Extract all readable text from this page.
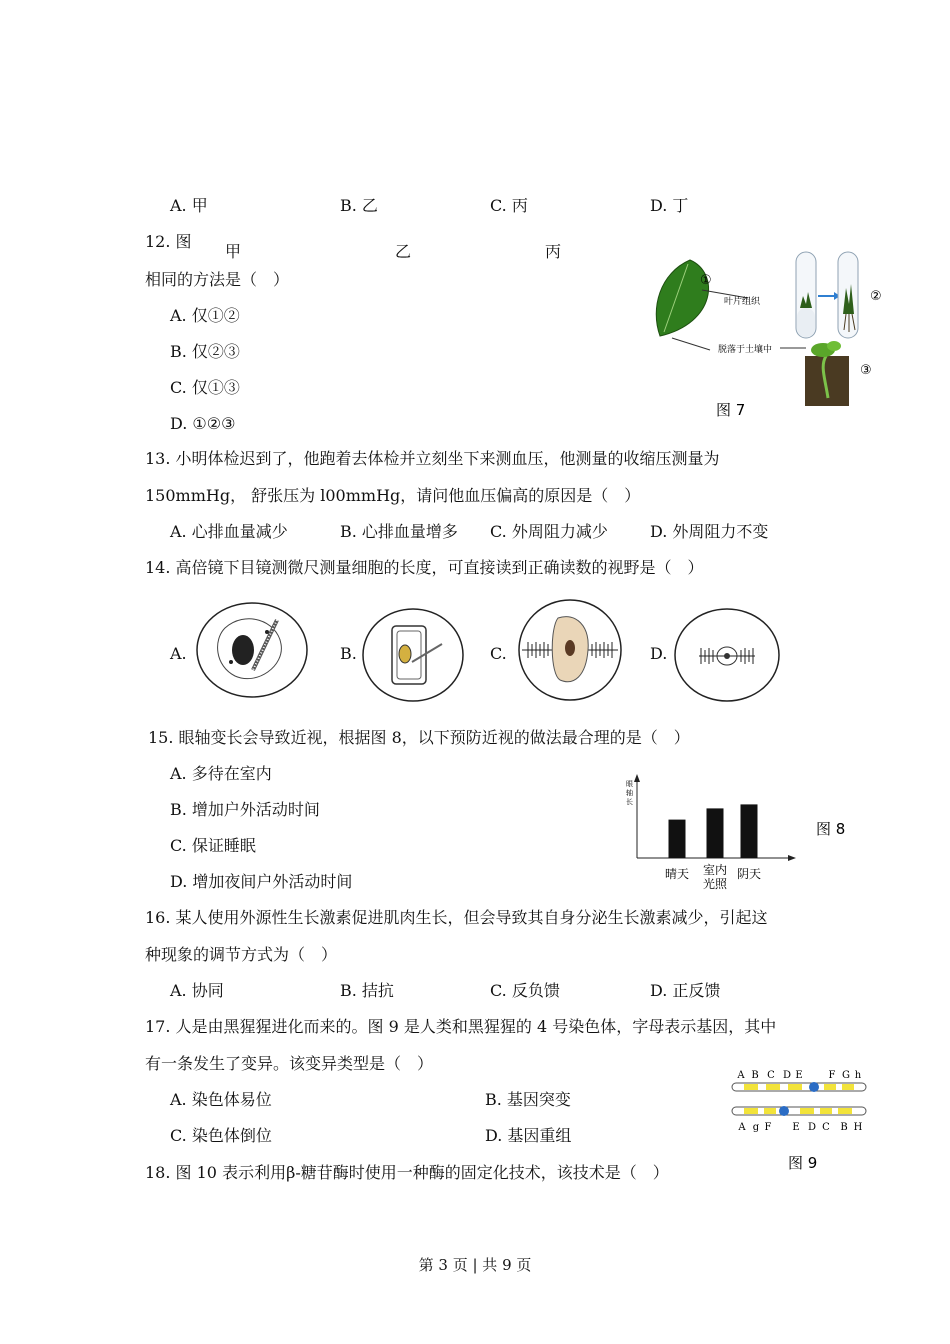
A. 甲	B. 乙	C. 丙	D. 丁
12. 图
甲	乙	丙
相同的方法是（　）
A. 仅①②
B. 仅②③
C. 仅①③
D. ①②③
①
叶片组织	②
脱落于土壤中
③
图 7
13. 小明体检迟到了，他跑着去体检并立刻坐下来测血压，他测量的收缩压测量为
150mmHg， 舒张压为 l00mmHg，请问他血压偏高的原因是（　）
A. 心排血量减少	B. 心排血量增多 C. 外周阻力减少	D. 外周阻力不变
14. 高倍镜下目镜测微尺测量细胞的长度，可直接读到正确读数的视野是（　）
A.	B.	C.	D.
15. 眼轴变长会导致近视，根据图 8，以下预防近视的做法最合理的是（　）
A. 多待在室内
B. 增加户外活动时间
C. 保证睡眠
D. 增加夜间户外活动时间
眼轴长
晴天 室内光照
阴天
图 8
16. 某人使用外源性生长激素促进肌肉生长，但会导致其自身分泌生长激素减少，引起这
种现象的调节方式为（　）
A. 协同	B. 拮抗	C. 反负馈	D. 正反馈
17. 人是由黑猩猩进化而来的。图 9 是人类和黑猩猩的 4 号染色体，字母表示基因，其中
有一条发生了变异。该变异类型是（　）
A. 染色体易位	B. 基因突变
C. 染色体倒位	D. 基因重组
A B C D E	F G h
A g F E D C B H
图 9
18. 图 10 表示利用β-糖苷酶时使用一种酶的固定化技术，该技术是（　）
第 3 页 | 共 9 页
